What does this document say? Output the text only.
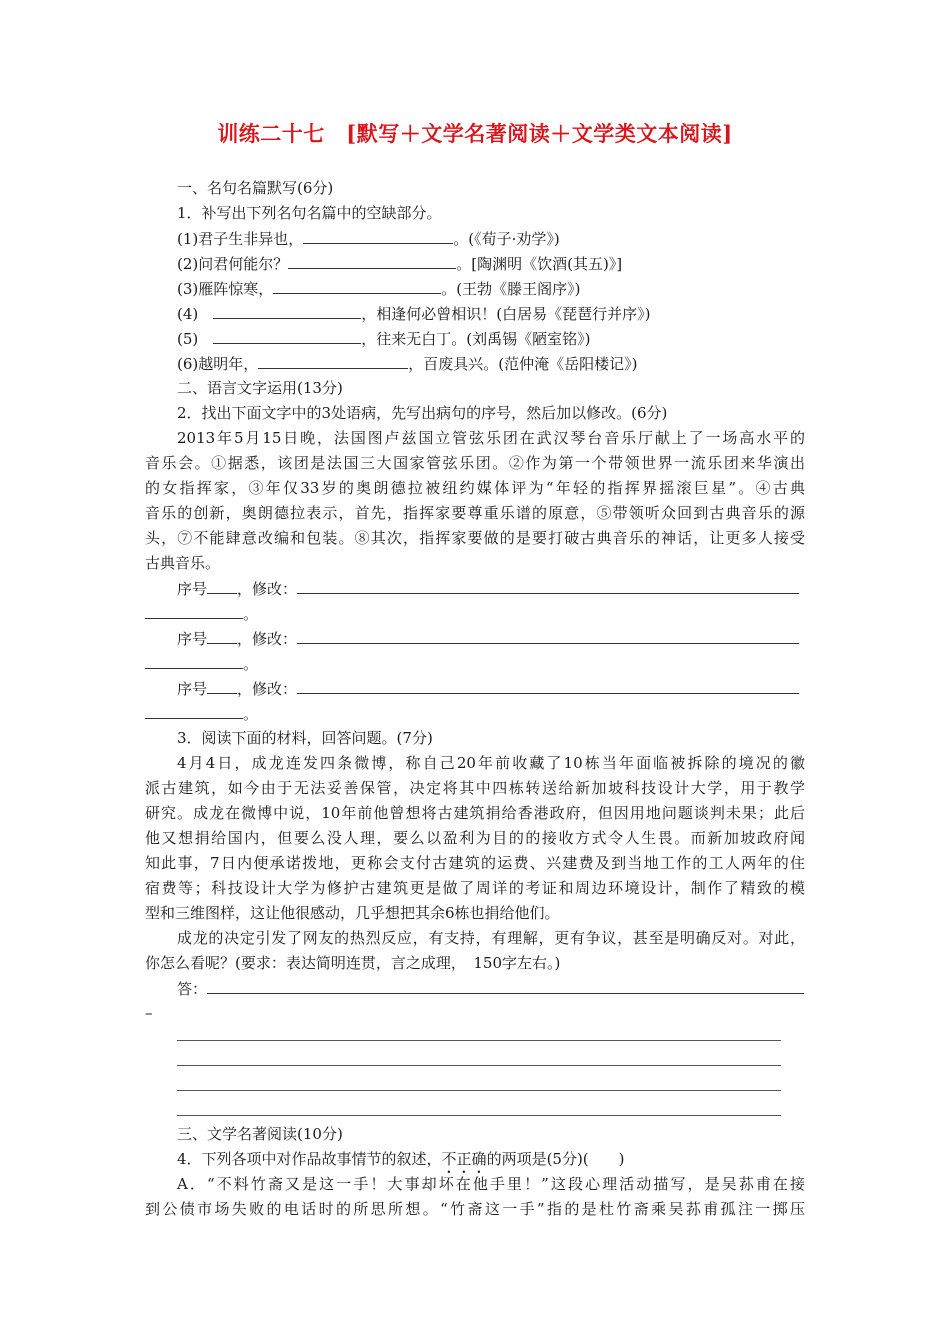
训练二十七　[默写＋文学名著阅读＋文学类文本阅读]
一、名句名篇默写(6分)
1．补写出下列名句名篇中的空缺部分。
(1)君子生非异也，	。(《荀子·劝学》)
(2)问君何能尔？	。[陶渊明《饮酒(其五)》]
(3)雁阵惊寒，	。(王勃《滕王阁序》)
(4)　	，相逢何必曾相识！(白居易《琵琶行并序》)
(5)　	，往来无白丁。(刘禹锡《陋室铭》)
(6)越明年，	，百废具兴。(范仲淹《岳阳楼记》)
二、语言文字运用(13分)
2．找出下面文字中的3处语病，先写出病句的序号，然后加以修改。(6分)
2013年5月15日晚，法国图卢兹国立管弦乐团在武汉琴台音乐厅献上了一场高水平的
音乐会。①据悉，该团是法国三大国家管弦乐团。②作为第一个带领世界一流乐团来华演出
的女指挥家，③年仅33岁的奥朗德拉被纽约媒体评为“年轻的指挥界摇滚巨星”。④古典
音乐的创新，奥朗德拉表示，首先，指挥家要尊重乐谱的原意，⑤带领听众回到古典音乐的源
头，⑦不能肆意改编和包装。⑧其次，指挥家要做的是要打破古典音乐的神话，让更多人接受
古典音乐。
序号 ，修改：
。
序号 ，修改：
。
序号 ，修改：
。
3．阅读下面的材料，回答问题。(7分)
4月4日，成龙连发四条微博，称自己20年前收藏了10栋当年面临被拆除的境况的徽
派古建筑，如今由于无法妥善保管，决定将其中四栋转送给新加坡科技设计大学，用于教学
研究。成龙在微博中说，10年前他曾想将古建筑捐给香港政府，但因用地问题谈判未果；此后
他又想捐给国内，但要么没人理，要么以盈利为目的的接收方式令人生畏。而新加坡政府闻
知此事，7日内便承诺拨地，更称会支付古建筑的运费、兴建费及到当地工作的工人两年的住
宿费等；科技设计大学为修护古建筑更是做了周详的考证和周边环境设计，制作了精致的模
型和三维图样，这让他很感动，几乎想把其余6栋也捐给他们。
成龙的决定引发了网友的热烈反应，有支持，有理解，更有争议，甚至是明确反对。对此，
你怎么看呢？(要求：表达简明连贯，言之成理，　150字左右。)
答：
–
三、文学名著阅读(10分)
4．下列各项中对作品故事情节的叙述，不正确的两项是(5分)(　　)
A．“不料竹斋又是这一手！大事却坏在他手里！”这段心理活动描写，是吴荪甫在接
到公债市场失败的电话时的所思所想。“竹斋这一手”指的是杜竹斋乘吴荪甫孤注一掷压
